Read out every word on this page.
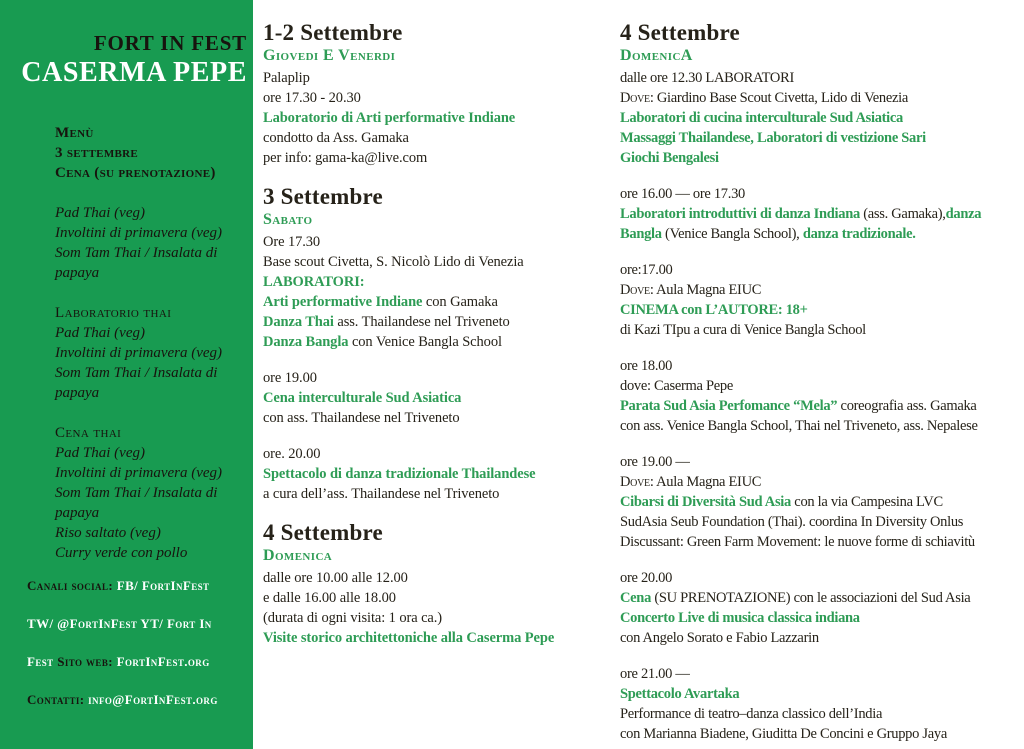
FORT IN FEST
CASERMA PEPE
Menù
3 settembre
Cena (su prenotazione)
Pad Thai (veg)
Involtini di primavera (veg)
Som Tam Thai / Insalata di
papaya
Laboratorio thai
Pad Thai (veg)
Involtini di primavera (veg)
Som Tam Thai / Insalata di
papaya
Cena thai
Pad Thai (veg)
Involtini di primavera (veg)
Som Tam Thai / Insalata di
papaya
Riso saltato (veg)
Curry verde con pollo
Canali social: FB/ FortInFest
TW/ @FortInFest YT/ Fort In
Fest Sito web: FortInFest.org
Contatti: info@FortInFest.org
1-2 Settembre
Giovedi E Venerdi
Palaplip
ore 17.30 - 20.30
Laboratorio di Arti performative Indiane
condotto da Ass. Gamaka
per info: gama-ka@live.com
3 Settembre
Sabato
Ore 17.30
Base scout Civetta, S. Nicolò Lido di Venezia
LABORATORI:
Arti performative Indiane con Gamaka
Danza Thai ass. Thailandese nel Triveneto
Danza Bangla con Venice Bangla School
ore 19.00
Cena interculturale Sud Asiatica
con ass. Thailandese nel Triveneto
ore. 20.00
Spettacolo di danza tradizionale Thailandese
a cura dell’ass. Thailandese nel Triveneto
4 Settembre
Domenica
dalle ore 10.00 alle 12.00
e dalle 16.00 alle 18.00
(durata di ogni visita: 1 ora ca.)
Visite storico architettoniche alla Caserma Pepe
4 Settembre
DomenicA
dalle ore 12.30 LABORATORI
Dove: Giardino Base Scout Civetta, Lido di Venezia
Laboratori di cucina interculturale Sud Asiatica
Massaggi Thailandese, Laboratori di vestizione Sari
Giochi Bengalesi
ore 16.00 — ore 17.30
Laboratori introduttivi di danza Indiana (ass. Gamaka),danza
Bangla (Venice Bangla School), danza tradizionale.
ore:17.00
Dove: Aula Magna EIUC
CINEMA con L’AUTORE: 18+
di Kazi TIpu a cura di Venice Bangla School
ore 18.00
dove: Caserma Pepe
Parata Sud Asia Perfomance “Mela” coreografia ass. Gamaka
con ass. Venice Bangla School, Thai nel Triveneto, ass. Nepalese
ore 19.00 —
Dove: Aula Magna EIUC
Cibarsi di Diversità Sud Asia con la via Campesina LVC
SudAsia Seub Foundation (Thai). coordina In Diversity Onlus
Discussant: Green Farm Movement: le nuove forme di schiavitù
ore 20.00
Cena (SU PRENOTAZIONE) con le associazioni del Sud Asia
Concerto Live di musica classica indiana
con Angelo Sorato e Fabio Lazzarin
ore 21.00 —
Spettacolo Avartaka
Performance di teatro–danza classico dell’India
con Marianna Biadene, Giuditta De Concini e Gruppo Jaya
